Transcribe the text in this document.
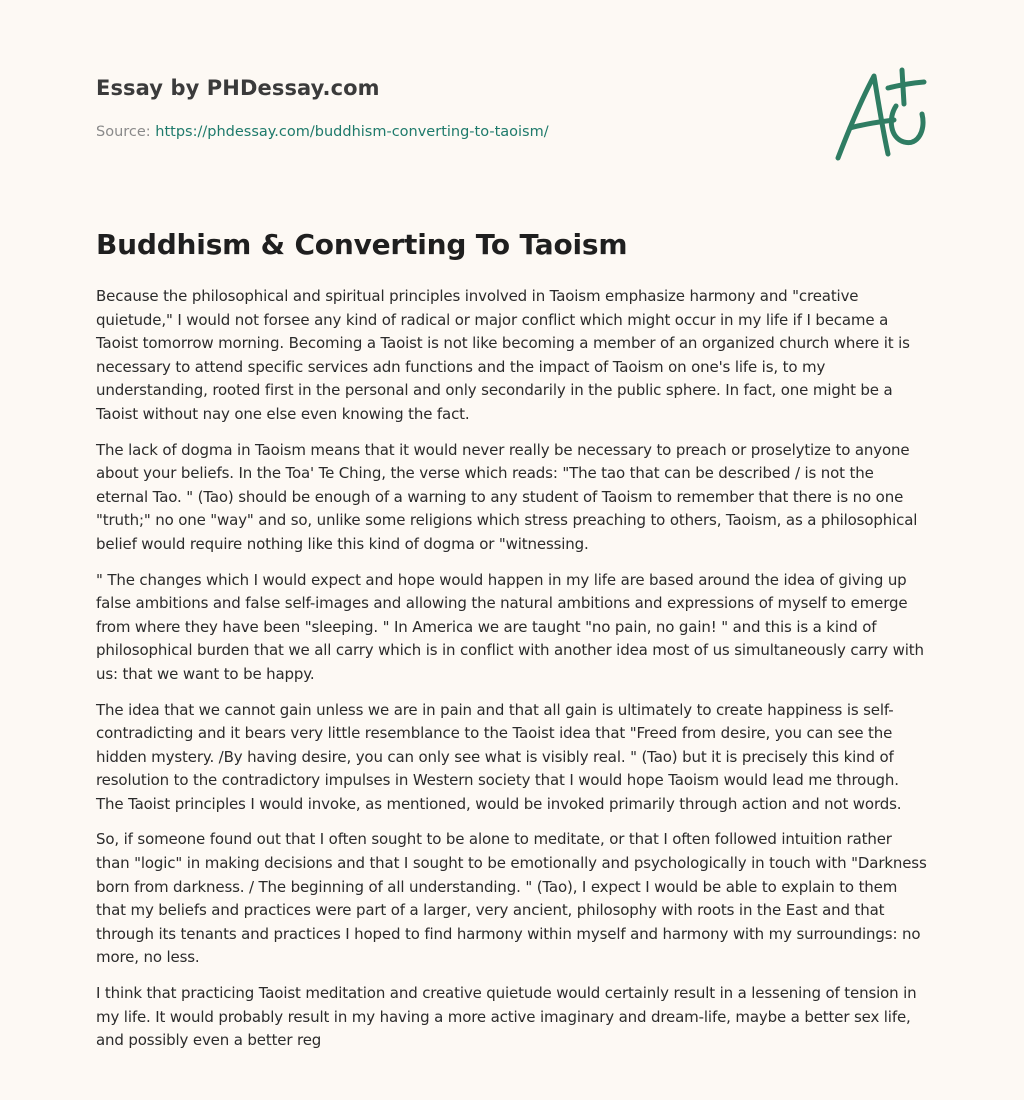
Essay by PHDessay.com
Source: https://phdessay.com/buddhism-converting-to-taoism/
Buddhism & Converting To Taoism

Because the philosophical and spiritual principles involved in Taoism emphasize harmony and "creative quietude," I would not forsee any kind of radical or major conflict which might occur in my life if I became a Taoist tomorrow morning. Becoming a Taoist is not like becoming a member of an organized church where it is necessary to attend specific services adn functions and the impact of Taoism on one's life is, to my understanding, rooted first in the personal and only secondarily in the public sphere. In fact, one might be a Taoist without nay one else even knowing the fact.

The lack of dogma in Taoism means that it would never really be necessary to preach or proselytize to anyone about your beliefs. In the Toa' Te Ching, the verse which reads: "The tao that can be described / is not the eternal Tao. " (Tao) should be enough of a warning to any student of Taoism to remember that there is no one "truth;" no one "way" and so, unlike some religions which stress preaching to others, Taoism, as a philosophical belief would require nothing like this kind of dogma or "witnessing.

" The changes which I would expect and hope would happen in my life are based around the idea of giving up false ambitions and false self-images and allowing the natural ambitions and expressions of myself to emerge from where they have been "sleeping. " In America we are taught "no pain, no gain! " and this is a kind of philosophical burden that we all carry which is in conflict with another idea most of us simultaneously carry with us: that we want to be happy.

The idea that we cannot gain unless we are in pain and that all gain is ultimately to create happiness is self-contradicting and it bears very little resemblance to the Taoist idea that "Freed from desire, you can see the hidden mystery. /By having desire, you can only see what is visibly real. " (Tao) but it is precisely this kind of resolution to the contradictory impulses in Western society that I would hope Taoism would lead me through. The Taoist principles I would invoke, as mentioned, would be invoked primarily through action and not words.

So, if someone found out that I often sought to be alone to meditate, or that I often followed intuition rather than "logic" in making decisions and that I sought to be emotionally and psychologically in touch with "Darkness born from darkness. / The beginning of all understanding. " (Tao), I expect I would be able to explain to them that my beliefs and practices were part of a larger, very ancient, philosophy with roots in the East and that through its tenants and practices I hoped to find harmony within myself and harmony with my surroundings: no more, no less.

I think that practicing Taoist meditation and creative quietude would certainly result in a lessening of tension in my life. It would probably result in my having a more active imaginary and dream-life, maybe a better sex life, and possibly even a better reg
